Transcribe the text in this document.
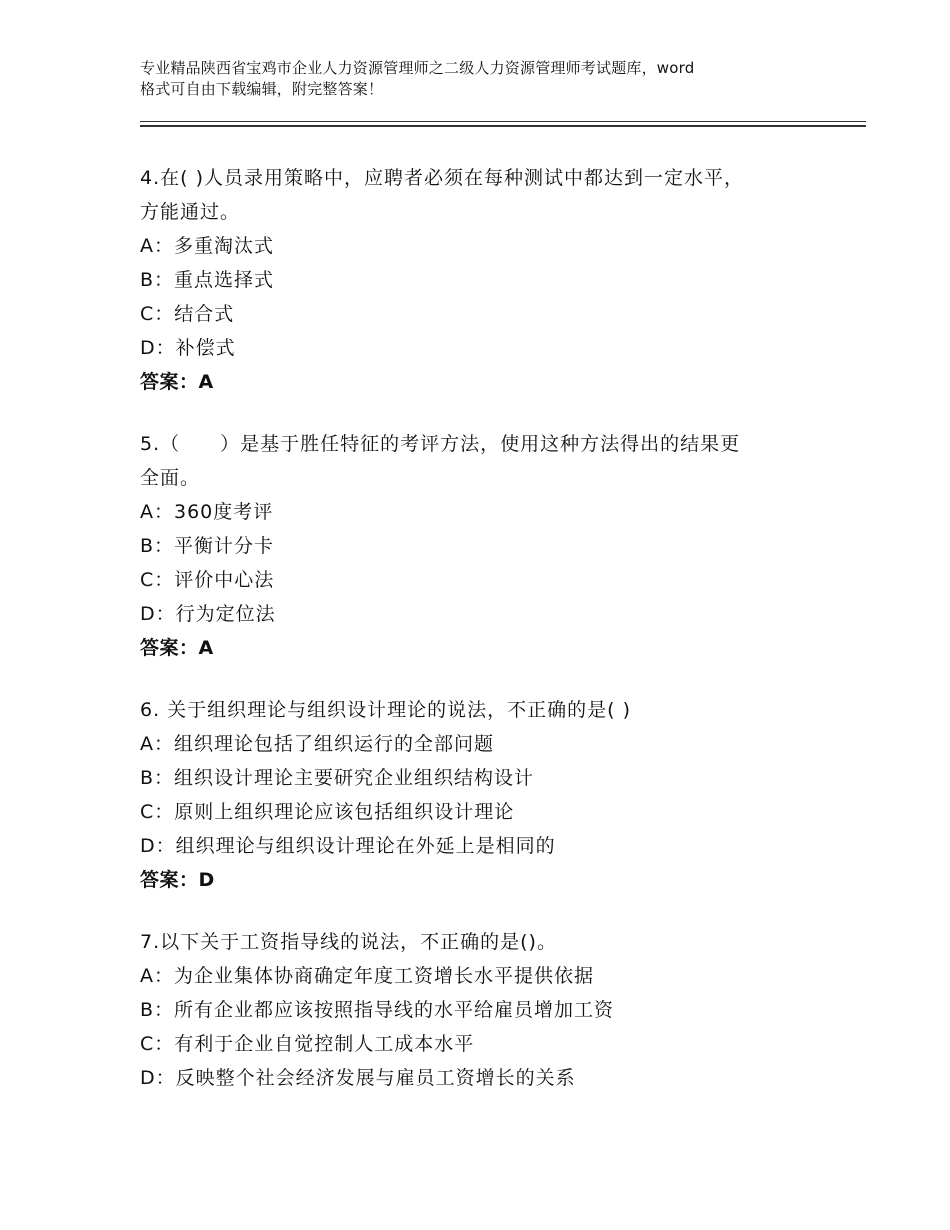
专业精品陕西省宝鸡市企业人力资源管理师之二级人力资源管理师考试题库，word
格式可自由下载编辑，附完整答案！
4.在( )人员录用策略中，应聘者必须在每种测试中都达到一定水平，
方能通过。
A：多重淘汰式
B：重点选择式
C：结合式
D：补偿式
答案：A
5.（　　）是基于胜任特征的考评方法，使用这种方法得出的结果更
全面。
A：360度考评
B：平衡计分卡
C：评价中心法
D：行为定位法
答案：A
6. 关于组织理论与组织设计理论的说法，不正确的是( )
A：组织理论包括了组织运行的全部问题
B：组织设计理论主要研究企业组织结构设计
C：原则上组织理论应该包括组织设计理论
D：组织理论与组织设计理论在外延上是相同的
答案：D
7.以下关于工资指导线的说法，不正确的是()。
A：为企业集体协商确定年度工资增长水平提供依据
B：所有企业都应该按照指导线的水平给雇员增加工资
C：有利于企业自觉控制人工成本水平
D：反映整个社会经济发展与雇员工资增长的关系
